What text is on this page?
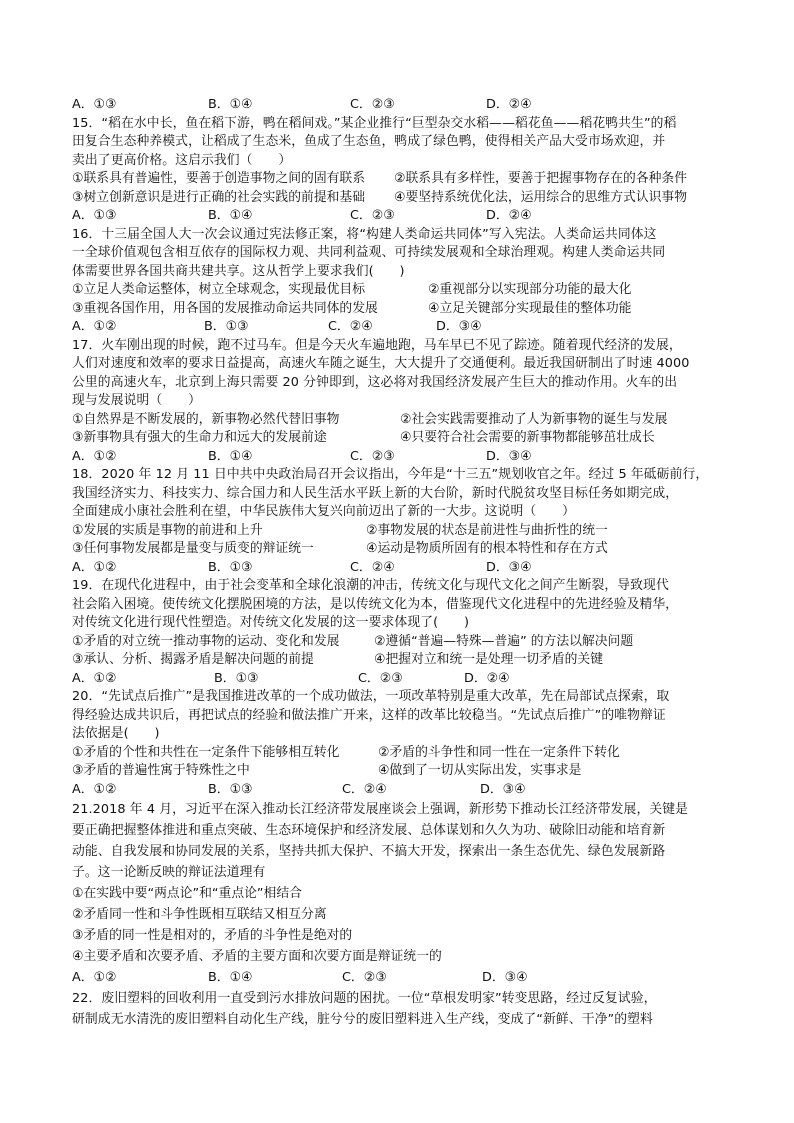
A．①③	B．①④	C．②③	D．②④
15．“稻在水中长，鱼在稻下游，鸭在稻间戏。”某企业推行“巨型杂交水稻——稻花鱼——稻花鸭共生”的稻
田复合生态种养模式，让稻成了生态米，鱼成了生态鱼，鸭成了绿色鸭，使得相关产品大受市场欢迎，并
卖出了更高价格。这启示我们（　　）
①联系具有普遍性，要善于创造事物之间的固有联系 ②联系具有多样性，要善于把握事物存在的各种条件
③树立创新意识是进行正确的社会实践的前提和基础 ④要坚持系统优化法，运用综合的思维方式认识事物
A．①③	B．①④	C．②③	D．②④
16．十三届全国人大一次会议通过宪法修正案，将“构建人类命运共同体”写入宪法。人类命运共同体这
一全球价值观包含相互依存的国际权力观、共同利益观、可持续发展观和全球治理观。构建人类命运共同
体需要世界各国共商共建共享。这从哲学上要求我们(　　)
①立足人类命运整体，树立全球观念，实现最优目标	②重视部分以实现部分功能的最大化
③重视各国作用，用各国的发展推动命运共同体的发展	④立足关键部分实现最佳的整体功能
A．①②	B．①③	C．②④	D．③④
17．火车刚出现的时候，跑不过马车。但是今天火车遍地跑，马车早已不见了踪迹。随着现代经济的发展，
人们对速度和效率的要求日益提高，高速火车随之诞生，大大提升了交通便利。最近我国研制出了时速 4000
公里的高速火车，北京到上海只需要 20 分钟即到，这必将对我国经济发展产生巨大的推动作用。火车的出
现与发展说明（　　）
①自然界是不断发展的，新事物必然代替旧事物	②社会实践需要推动了人为新事物的诞生与发展
③新事物具有强大的生命力和远大的发展前途	④只要符合社会需要的新事物都能够茁壮成长
A．①②	B．①④	C．②③	D．③④
18．2020 年 12 月 11 日中共中央政治局召开会议指出，今年是“十三五”规划收官之年。经过 5 年砥砺前行，
我国经济实力、科技实力、综合国力和人民生活水平跃上新的大台阶，新时代脱贫攻坚目标任务如期完成，
全面建成小康社会胜利在望，中华民族伟大复兴向前迈出了新的一大步。这说明（　　）
①发展的实质是事物的前进和上升	②事物发展的状态是前进性与曲折性的统一
③任何事物发展都是量变与质变的辩证统一	④运动是物质所固有的根本特性和存在方式
A．①②	B．①③	C．②④	D．③④
19．在现代化进程中，由于社会变革和全球化浪潮的冲击，传统文化与现代文化之间产生断裂，导致现代
社会陷入困境。使传统文化摆脱困境的方法，是以传统文化为本，借鉴现代文化进程中的先进经验及精华，
对传统文化进行现代性塑造。对传统文化发展的这一要求体现了(　　)
①矛盾的对立统一推动事物的运动、变化和发展	②遵循“普遍—特殊—普遍” 的方法以解决问题
③承认、分析、揭露矛盾是解决问题的前提	④把握对立和统一是处理一切矛盾的关键
A．①②	B．①③	C．②③	D．②④
20．“先试点后推广”是我国推进改革的一个成功做法，一项改革特别是重大改革，先在局部试点探索，取
得经验达成共识后，再把试点的经验和做法推广开来，这样的改革比较稳当。“先试点后推广”的唯物辩证
法依据是(　　)
①矛盾的个性和共性在一定条件下能够相互转化	②矛盾的斗争性和同一性在一定条件下转化
③矛盾的普遍性寓于特殊性之中	④做到了一切从实际出发，实事求是
A．①②	B．①③	C．②④	D．③④
21.2018 年 4 月，习近平在深入推动长江经济带发展座谈会上强调，新形势下推动长江经济带发展，关键是
要正确把握整体推进和重点突破、生态环境保护和经济发展、总体谋划和久久为功、破除旧动能和培育新
动能、自我发展和协同发展的关系，坚持共抓大保护、不搞大开发，探索出一条生态优先、绿色发展新路
子。这一论断反映的辩证法道理有
①在实践中要“两点论”和“重点论”相结合
②矛盾同一性和斗争性既相互联结又相互分离
③矛盾的同一性是相对的，矛盾的斗争性是绝对的
④主要矛盾和次要矛盾、矛盾的主要方面和次要方面是辩证统一的
A．①②	B．①④	C．②③	D．③④
22．废旧塑料的回收利用一直受到污水排放问题的困扰。一位“草根发明家”转变思路，经过反复试验，
研制成无水清洗的废旧塑料自动化生产线，脏兮兮的废旧塑料进入生产线，变成了“新鲜、干净”的塑料
